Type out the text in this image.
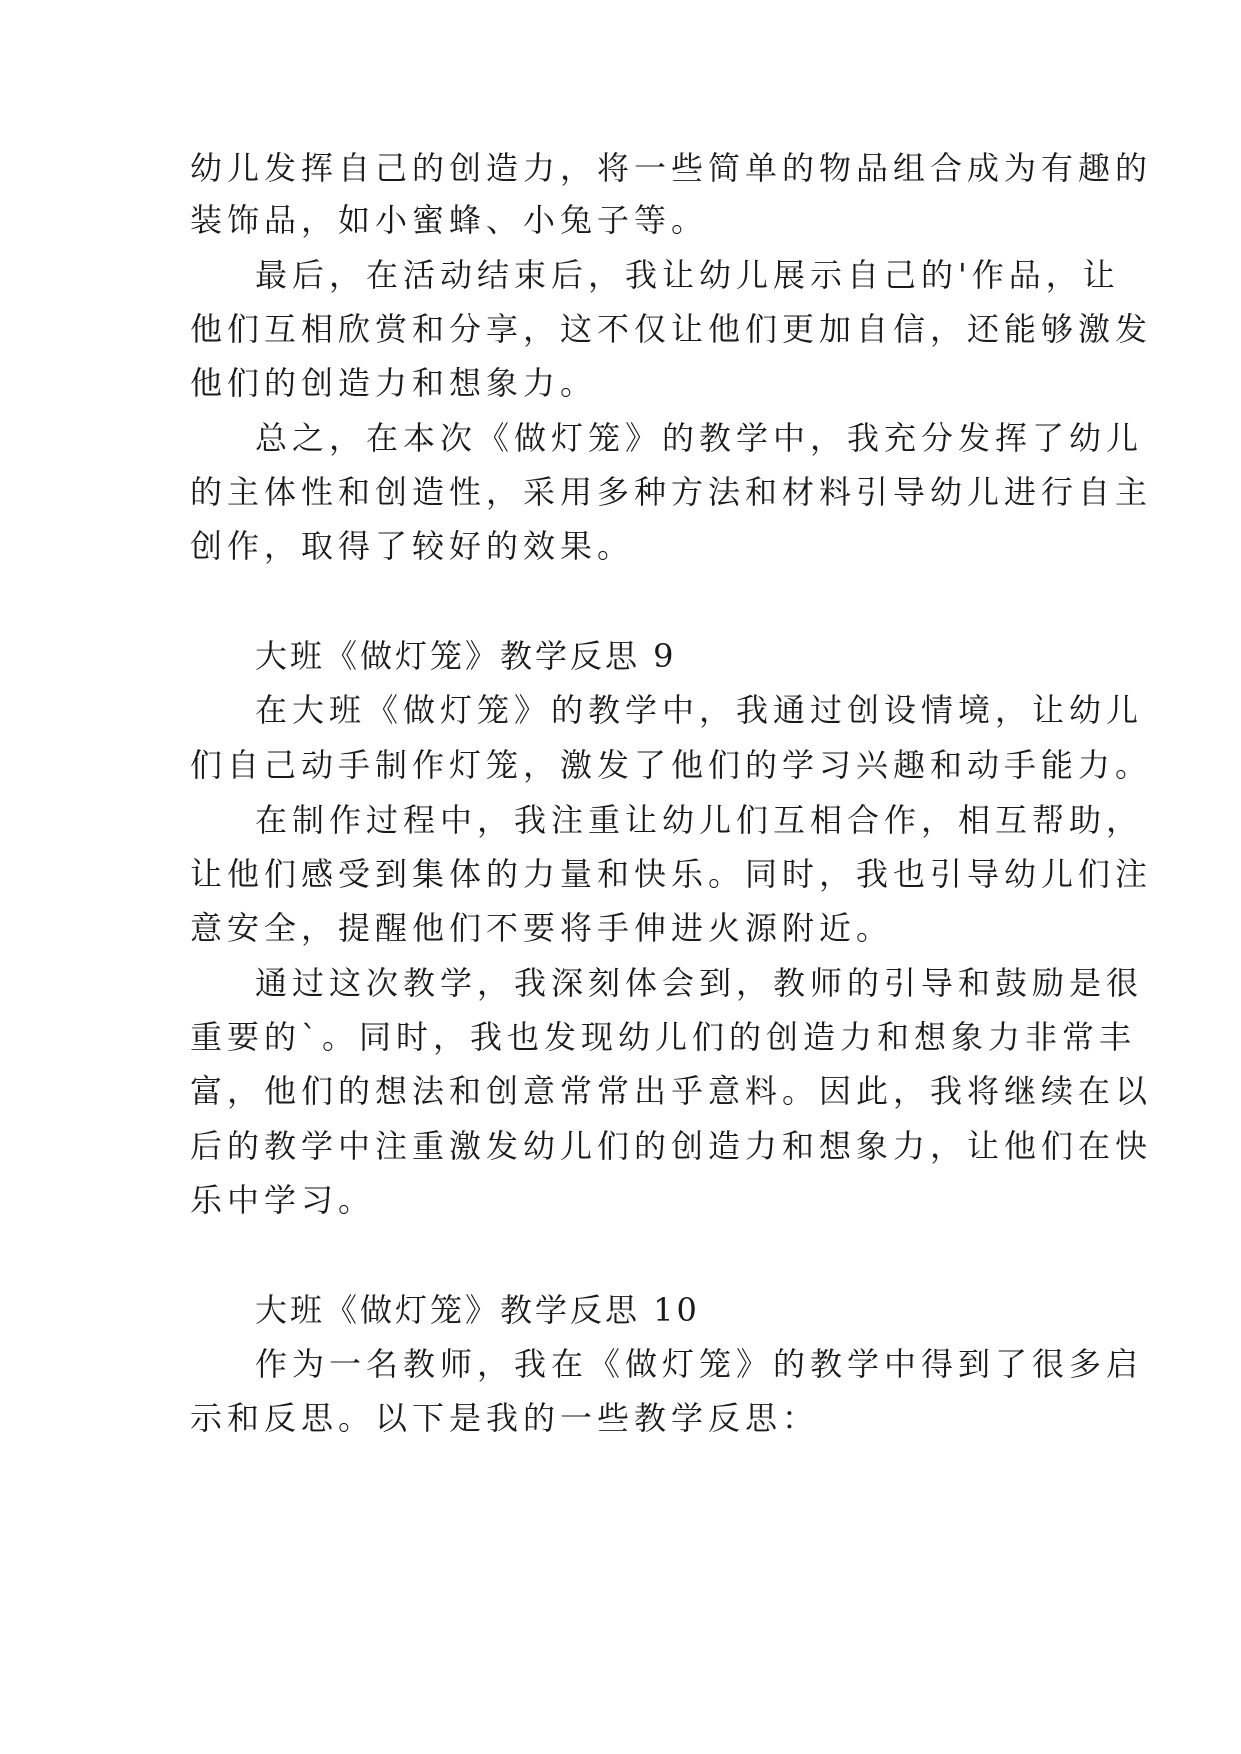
幼儿发挥自己的创造力，将一些简单的物品组合成为有趣的
装饰品，如小蜜蜂、小兔子等。
最后，在活动结束后，我让幼儿展示自己的'作品，让
他们互相欣赏和分享，这不仅让他们更加自信，还能够激发
他们的创造力和想象力。
总之，在本次《做灯笼》的教学中，我充分发挥了幼儿
的主体性和创造性，采用多种方法和材料引导幼儿进行自主
创作，取得了较好的效果。
大班《做灯笼》教学反思 9
在大班《做灯笼》的教学中，我通过创设情境，让幼儿
们自己动手制作灯笼，激发了他们的学习兴趣和动手能力。
在制作过程中，我注重让幼儿们互相合作，相互帮助，
让他们感受到集体的力量和快乐。同时，我也引导幼儿们注
意安全，提醒他们不要将手伸进火源附近。
通过这次教学，我深刻体会到，教师的引导和鼓励是很
重要的`。同时，我也发现幼儿们的创造力和想象力非常丰
富，他们的想法和创意常常出乎意料。因此，我将继续在以
后的教学中注重激发幼儿们的创造力和想象力，让他们在快
乐中学习。
大班《做灯笼》教学反思 10
作为一名教师，我在《做灯笼》的教学中得到了很多启
示和反思。以下是我的一些教学反思：
